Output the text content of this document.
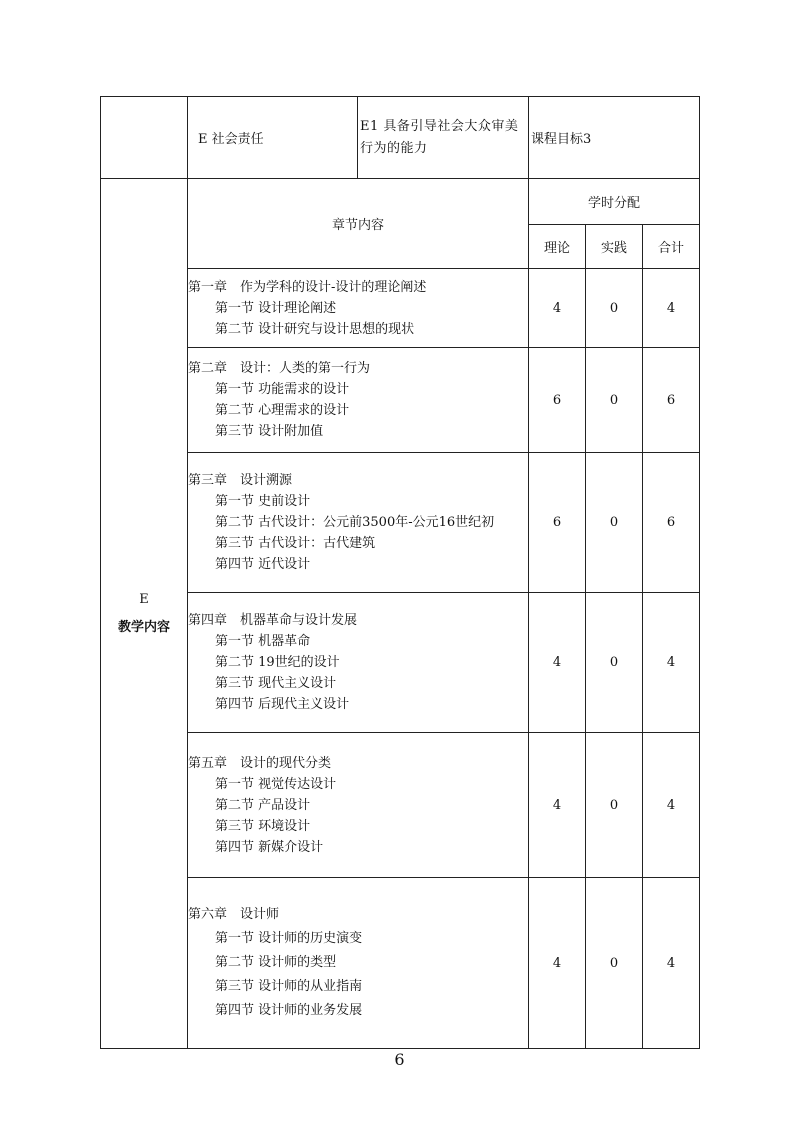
	E 社会责任	E1 具备引导社会大众审美行为的能力	课程目标3		

E
教学内容	章节内容		学时分配		
			理论	实践	合计

	第一章　作为学科的设计-设计的理论阐述
第一节 设计理论阐述
第二节 设计研究与设计思想的现状		4	0	4

	第二章　设计：人类的第一行为
第一节 功能需求的设计
第二节 心理需求的设计
第三节 设计附加值		6	0	6

	第三章　设计溯源
第一节 史前设计
第二节 古代设计：公元前3500年-公元16世纪初
第三节 古代设计：古代建筑
第四节 近代设计		6	0	6

	第四章　机器革命与设计发展
第一节 机器革命
第二节 19世纪的设计
第三节 现代主义设计
第四节 后现代主义设计		4	0	4

	第五章　设计的现代分类
第一节 视觉传达设计
第二节 产品设计
第三节 环境设计
第四节 新媒介设计		4	0	4

	第六章　设计师
第一节 设计师的历史演变
第二节 设计师的类型
第三节 设计师的从业指南
第四节 设计师的业务发展		4	0	4
6
